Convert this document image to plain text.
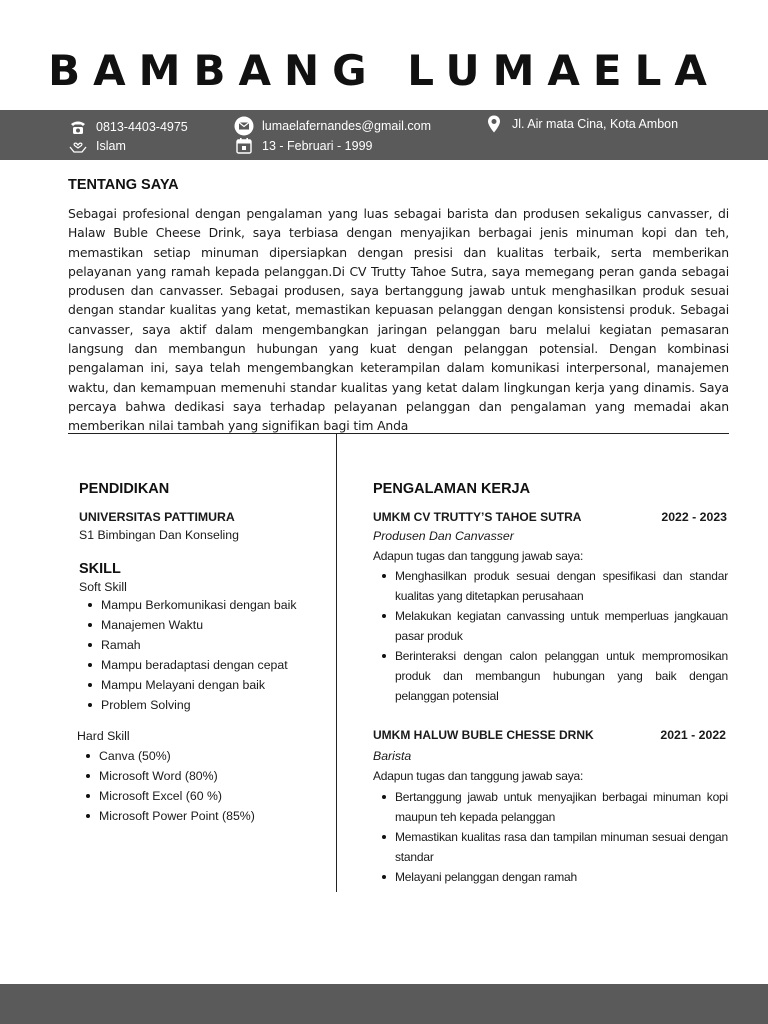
BAMBANG LUMAELA
0813-4403-4975
Islam
lumaelafernandes@gmail.com
13 - Februari - 1999
Jl. Air mata Cina, Kota Ambon
TENTANG SAYA
Sebagai profesional dengan pengalaman yang luas sebagai barista dan produsen sekaligus canvasser, di Halaw Buble Cheese Drink, saya terbiasa dengan menyajikan berbagai jenis minuman kopi dan teh, memastikan setiap minuman dipersiapkan dengan presisi dan kualitas terbaik, serta memberikan pelayanan yang ramah kepada pelanggan.Di CV Trutty Tahoe Sutra, saya memegang peran ganda sebagai produsen dan canvasser. Sebagai produsen, saya bertanggung jawab untuk menghasilkan produk sesuai dengan standar kualitas yang ketat, memastikan kepuasan pelanggan dengan konsistensi produk. Sebagai canvasser, saya aktif dalam mengembangkan jaringan pelanggan baru melalui kegiatan pemasaran langsung dan membangun hubungan yang kuat dengan pelanggan potensial. Dengan kombinasi pengalaman ini, saya telah mengembangkan keterampilan dalam komunikasi interpersonal, manajemen waktu, dan kemampuan memenuhi standar kualitas yang ketat dalam lingkungan kerja yang dinamis. Saya percaya bahwa dedikasi saya terhadap pelayanan pelanggan dan pengalaman yang memadai akan memberikan nilai tambah yang signifikan bagi tim Anda
PENDIDIKAN
UNIVERSITAS PATTIMURA
S1 Bimbingan Dan Konseling
SKILL
Soft Skill
Mampu Berkomunikasi dengan baik
Manajemen Waktu
Ramah
Mampu beradaptasi dengan cepat
Mampu Melayani dengan baik
Problem Solving
Hard Skill
Canva (50%)
Microsoft Word (80%)
Microsoft Excel (60 %)
Microsoft Power Point (85%)
PENGALAMAN KERJA
UMKM CV TRUTTY’S TAHOE SUTRA	2022 - 2023
Produsen Dan Canvasser
Adapun tugas dan tanggung jawab saya:
Menghasilkan produk sesuai dengan spesifikasi dan standar kualitas yang ditetapkan perusahaan
Melakukan kegiatan canvassing untuk memperluas jangkauan pasar produk
Berinteraksi dengan calon pelanggan untuk mempromosikan produk dan membangun hubungan yang baik dengan pelanggan potensial
UMKM HALUW BUBLE CHESSE DRNK	2021 - 2022
Barista
Adapun tugas dan tanggung jawab saya:
Bertanggung jawab untuk menyajikan berbagai minuman kopi maupun teh kepada pelanggan
Memastikan kualitas rasa dan tampilan minuman sesuai dengan standar
Melayani pelanggan dengan ramah
